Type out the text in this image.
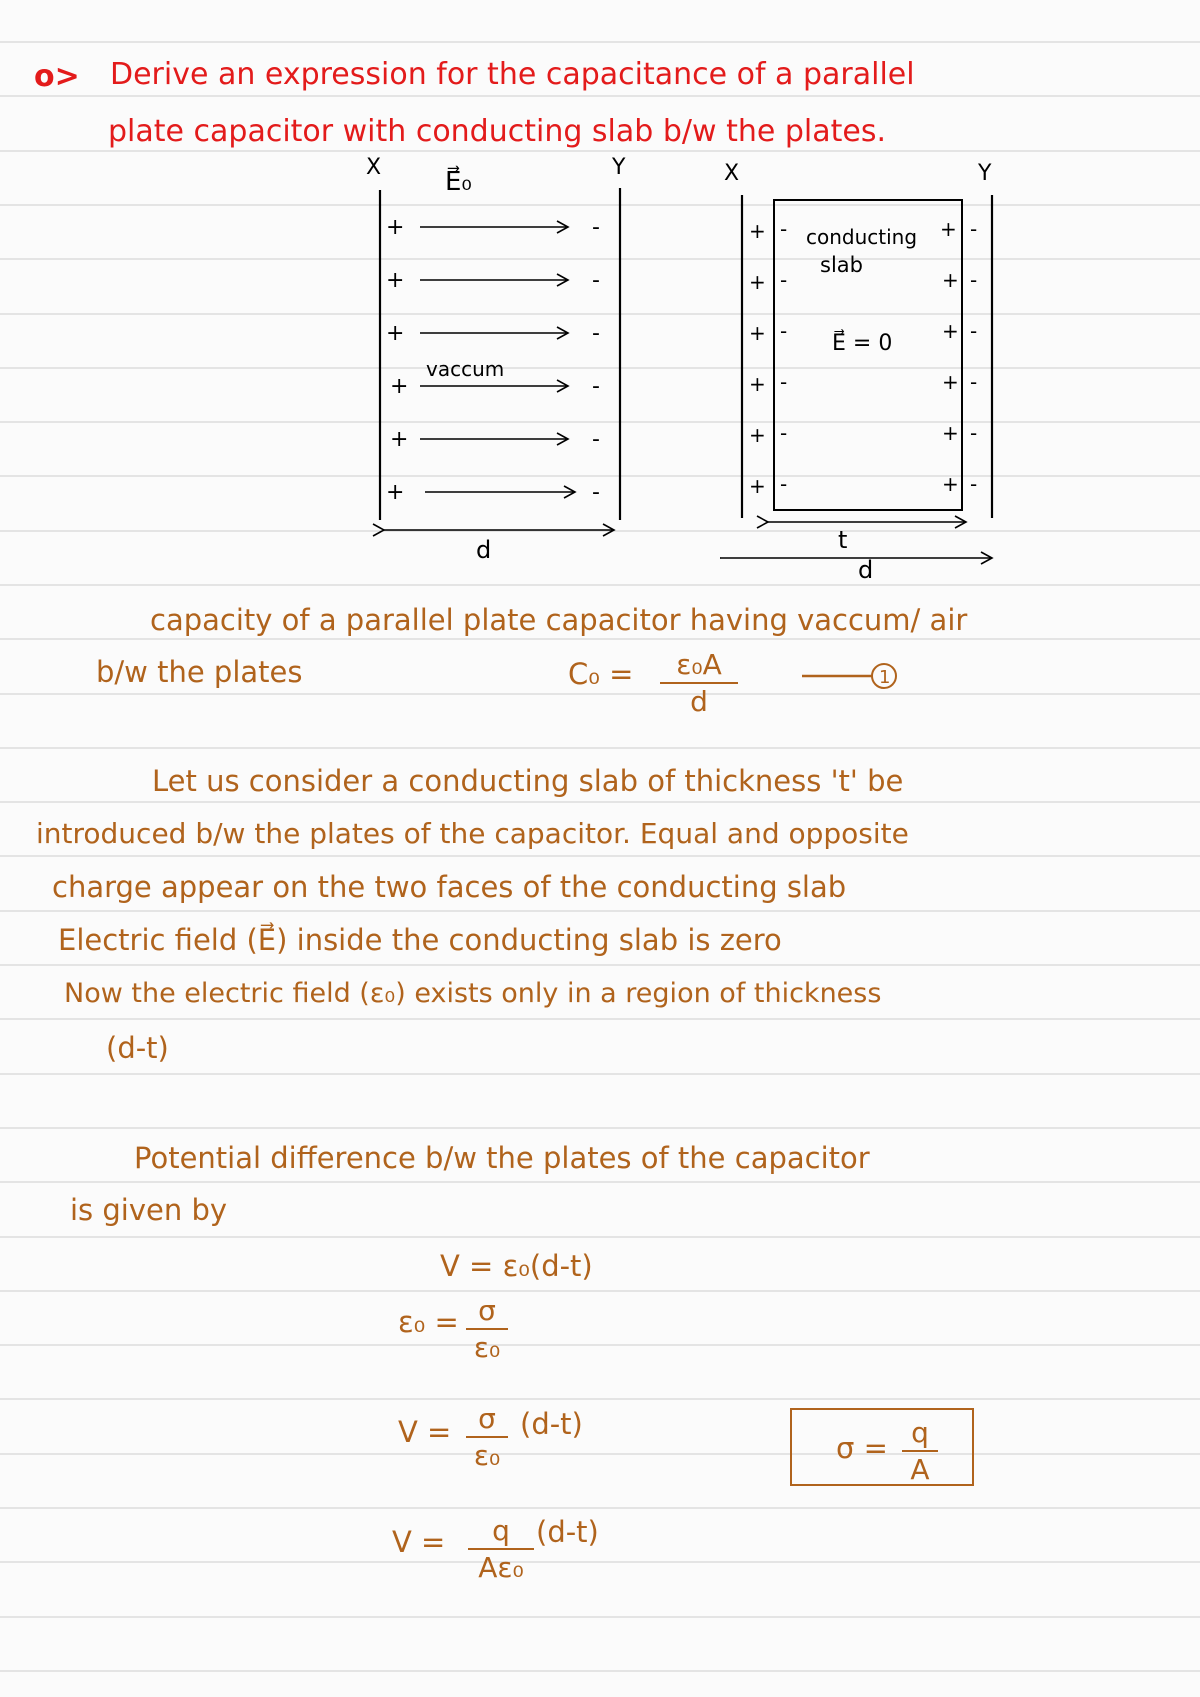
o> Derive an expression for the capacitance of a parallel
plate capacitor with conducting slab b/w the plates.
X E⃗₀	Y
+
+
+
+
+
+
-
-
-
-
-
-
vaccum
d
X	Y
conducting
slab
E⃗ = 0
+
+
+
+
+
+
-
-
-
-
-
-
+
+
+
+
+
+
-
-
-
-
-
-
t
d
capacity of a parallel plate capacitor having vaccum/ air
b/w the plates	C₀ =	ε₀A
d
1
Let us consider a conducting slab of thickness 't' be
introduced b/w the plates of the capacitor. Equal and opposite
charge appear on the two faces of the conducting slab
Electric field (E⃗) inside the conducting slab is zero
Now the electric field (ε₀) exists only in a region of thickness
(d-t)
Potential difference b/w the plates of the capacitor
is given by
V = ε₀(d-t)
ε₀ = σ
ε₀
V = σ
ε₀
(d-t)
V =	q
Aε₀
(d-t)
σ = q
A
